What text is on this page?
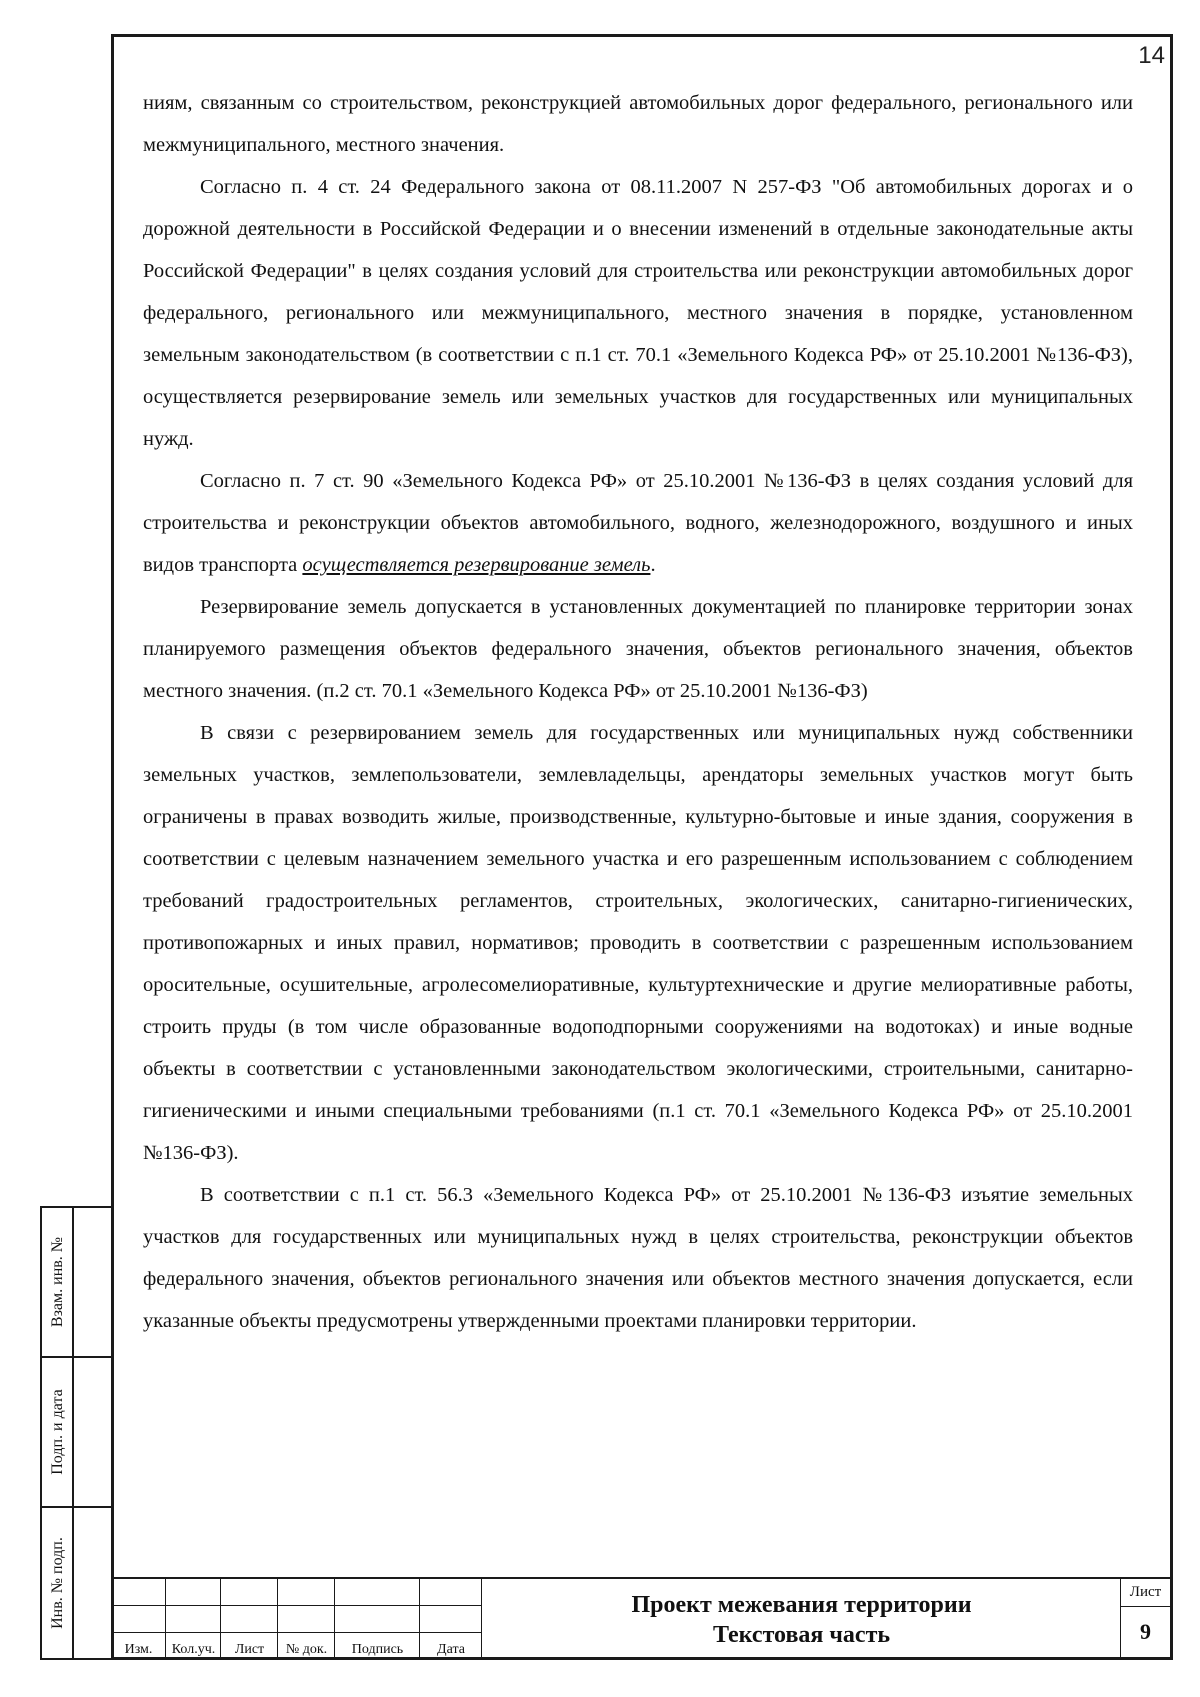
14

ниям, связанным со строительством, реконструкцией автомобильных дорог федерального, регионального или межмуниципального, местного значения.

Согласно п. 4 ст. 24 Федерального закона от 08.11.2007 N 257-ФЗ "Об автомобильных дорогах и о дорожной деятельности в Российской Федерации и о внесении изменений в отдельные законодательные акты Российской Федерации" в целях создания условий для строительства или реконструкции автомобильных дорог федерального, регионального или межмуниципального, местного значения в порядке, установленном земельным законодательством (в соответствии с п.1 ст. 70.1 «Земельного Кодекса РФ» от 25.10.2001 №136-ФЗ), осуществляется резервирование земель или земельных участков для государственных или муниципальных нужд.

Согласно п. 7 ст. 90 «Земельного Кодекса РФ» от 25.10.2001 №136-ФЗ в целях создания условий для строительства и реконструкции объектов автомобильного, водного, железнодорожного, воздушного и иных видов транспорта осуществляется резервирование земель.

Резервирование земель допускается в установленных документацией по планировке территории зонах планируемого размещения объектов федерального значения, объектов регионального значения, объектов местного значения. (п.2 ст. 70.1 «Земельного Кодекса РФ» от 25.10.2001 №136-ФЗ)

В связи с резервированием земель для государственных или муниципальных нужд собственники земельных участков, землепользователи, землевладельцы, арендаторы земельных участков могут быть ограничены в правах возводить жилые, производственные, культурно-бытовые и иные здания, сооружения в соответствии с целевым назначением земельного участка и его разрешенным использованием с соблюдением требований градостроительных регламентов, строительных, экологических, санитарно-гигиенических, противопожарных и иных правил, нормативов; проводить в соответствии с разрешенным использованием оросительные, осушительные, агролесомелиоративные, культуртехнические и другие мелиоративные работы, строить пруды (в том числе образованные водоподпорными сооружениями на водотоках) и иные водные объекты в соответствии с установленными законодательством экологическими, строительными, санитарно-гигиеническими и иными специальными требованиями (п.1 ст. 70.1 «Земельного Кодекса РФ» от 25.10.2001 №136-ФЗ).

В соответствии с п.1 ст. 56.3 «Земельного Кодекса РФ» от 25.10.2001 №136-ФЗ изъятие земельных участков для государственных или муниципальных нужд в целях строительства, реконструкции объектов федерального значения, объектов регионального значения или объектов местного значения допускается, если указанные объекты предусмотрены утвержденными проектами планировки территории.

Взам. инв. №
Подп. и дата
Инв. № подп.
Изм.	Кол.уч.	Лист	№ док.	Подпись	Дата
Проект межевания территории
Текстовая часть
Лист
9
